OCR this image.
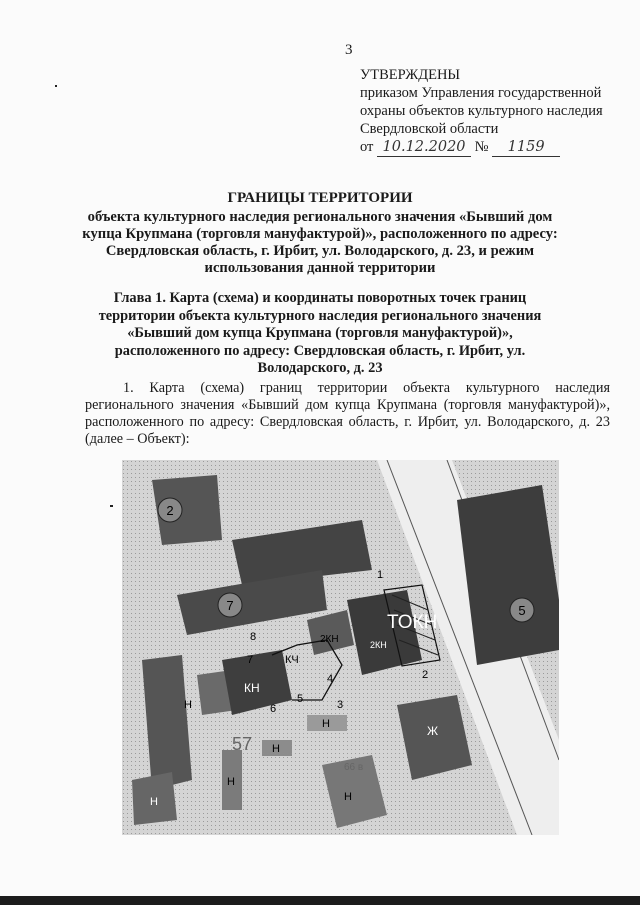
3
УТВЕРЖДЕНЫ
приказом Управления государственной
охраны объектов культурного наследия
Свердловской области
от 10.12.2020 № 1159
ГРАНИЦЫ ТЕРРИТОРИИ
объекта культурного наследия регионального значения «Бывший дом купца Крупмана (торговля мануфактурой)», расположенного по адресу: Свердловская область, г. Ирбит, ул. Володарского, д. 23, и режим использования данной территории
Глава 1. Карта (схема) и координаты поворотных точек границ территории объекта культурного наследия регионального значения «Бывший дом купца Крупмана (торговля мануфактурой)», расположенного по адресу: Свердловская область, г. Ирбит, ул. Володарского, д. 23
1. Карта (схема) границ территории объекта культурного наследия регионального значения «Бывший дом купца Крупмана (торговля мануфактурой)», расположенного по адресу: Свердловская область, г. Ирбит, ул. Володарского, д. 23 (далее – Объект):
2
7	5
ТОКН
2КН
2КН
КН
КЧ
Ж
Н
Н
Н
Н	Н
Н
1
2
3
4
5
6
7
8
57
66 в
